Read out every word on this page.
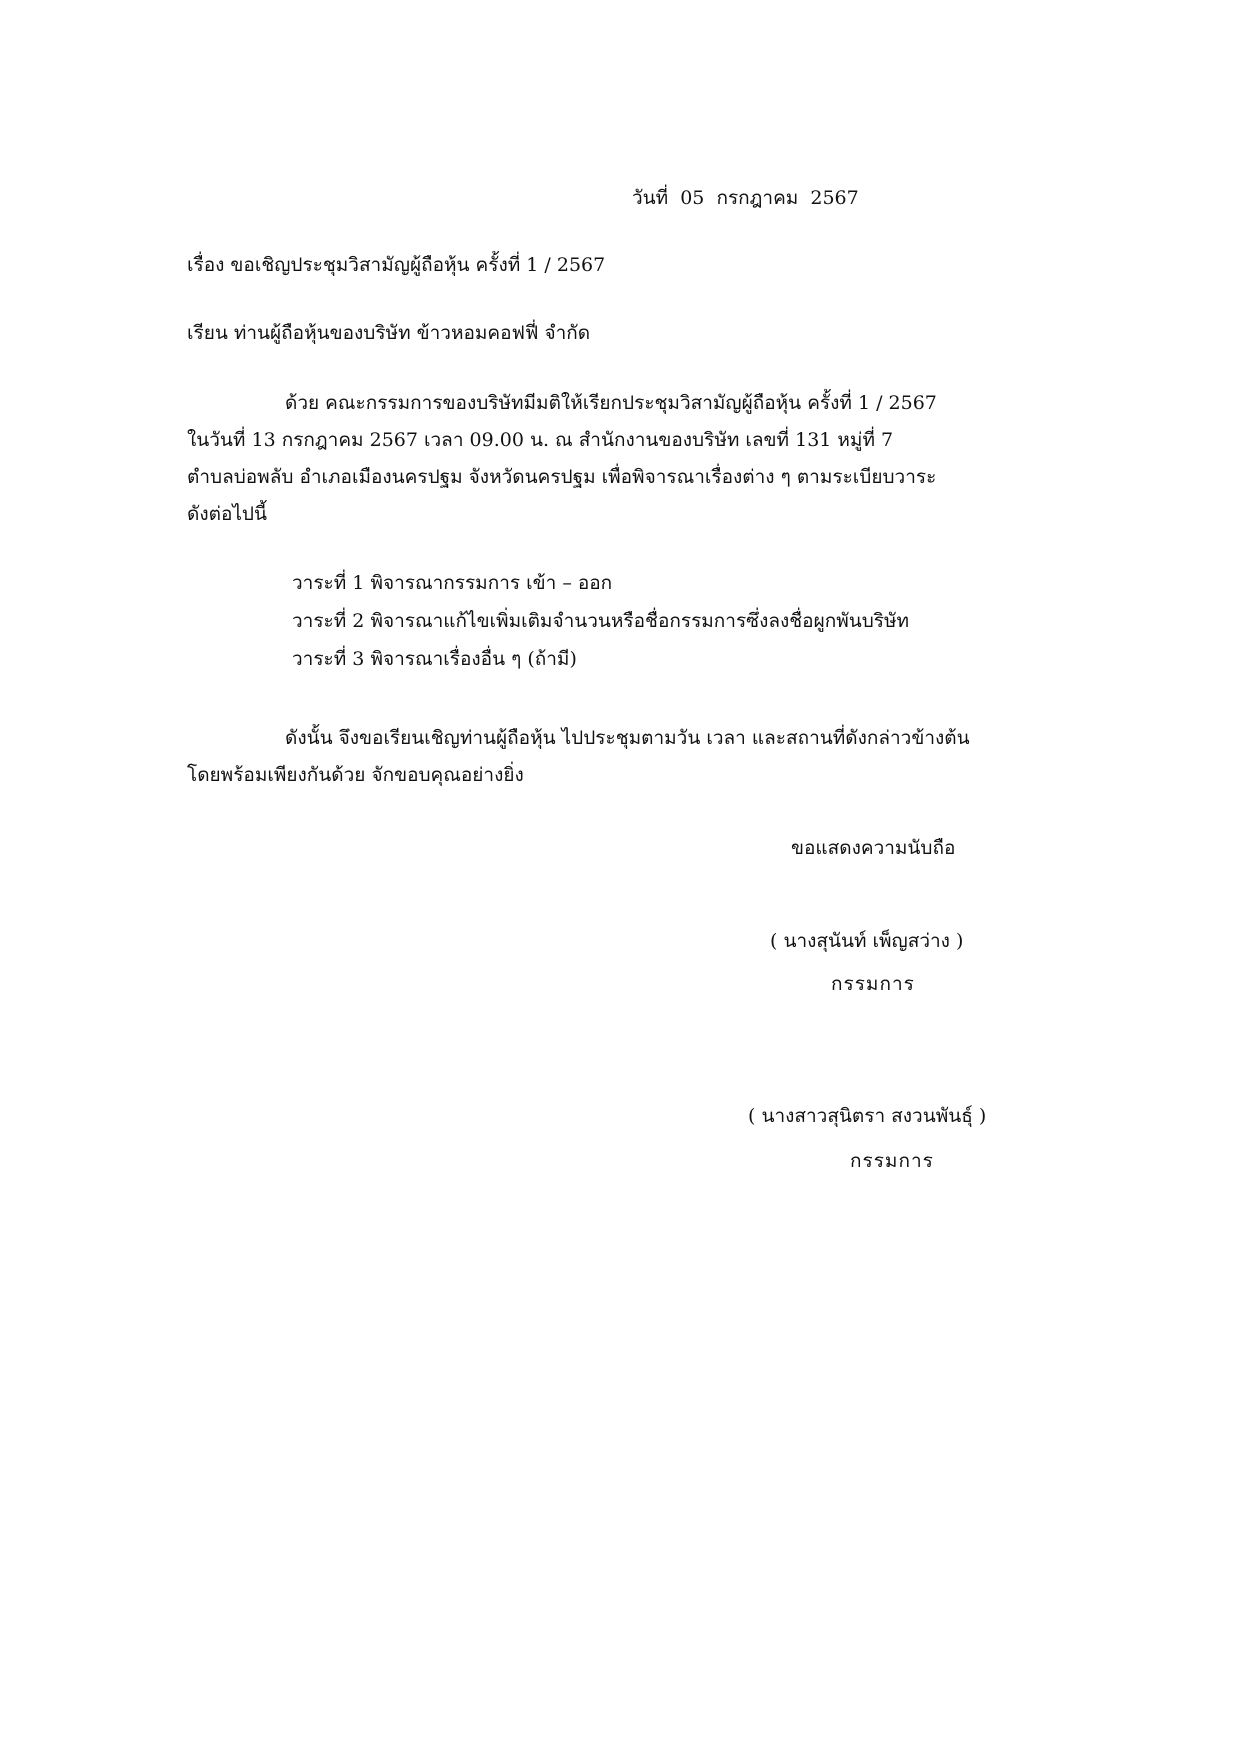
วันที่ 05 กรกฎาคม 2567
เรื่อง ขอเชิญประชุมวิสามัญผู้ถือหุ้น ครั้งที่ 1 / 2567
เรียน ท่านผู้ถือหุ้นของบริษัท ข้าวหอมคอฟฟี่ จำกัด
ด้วย คณะกรรมการของบริษัทมีมติให้เรียกประชุมวิสามัญผู้ถือหุ้น ครั้งที่ 1 / 2567
ในวันที่ 13 กรกฎาคม 2567 เวลา 09.00 น. ณ สำนักงานของบริษัท เลขที่ 131 หมู่ที่ 7
ตำบลบ่อพลับ อำเภอเมืองนครปฐม จังหวัดนครปฐม เพื่อพิจารณาเรื่องต่าง ๆ ตามระเบียบวาระ
ดังต่อไปนี้
วาระที่ 1 พิจารณากรรมการ เข้า – ออก
วาระที่ 2 พิจารณาแก้ไขเพิ่มเติมจำนวนหรือชื่อกรรมการซึ่งลงชื่อผูกพันบริษัท
วาระที่ 3 พิจารณาเรื่องอื่น ๆ (ถ้ามี)
ดังนั้น จึงขอเรียนเชิญท่านผู้ถือหุ้น ไปประชุมตามวัน เวลา และสถานที่ดังกล่าวข้างต้น
โดยพร้อมเพียงกันด้วย จักขอบคุณอย่างยิ่ง
ขอแสดงความนับถือ
( นางสุนันท์ เพ็ญสว่าง )
กรรมการ
( นางสาวสุนิตรา สงวนพันธุ์ )
กรรมการ
